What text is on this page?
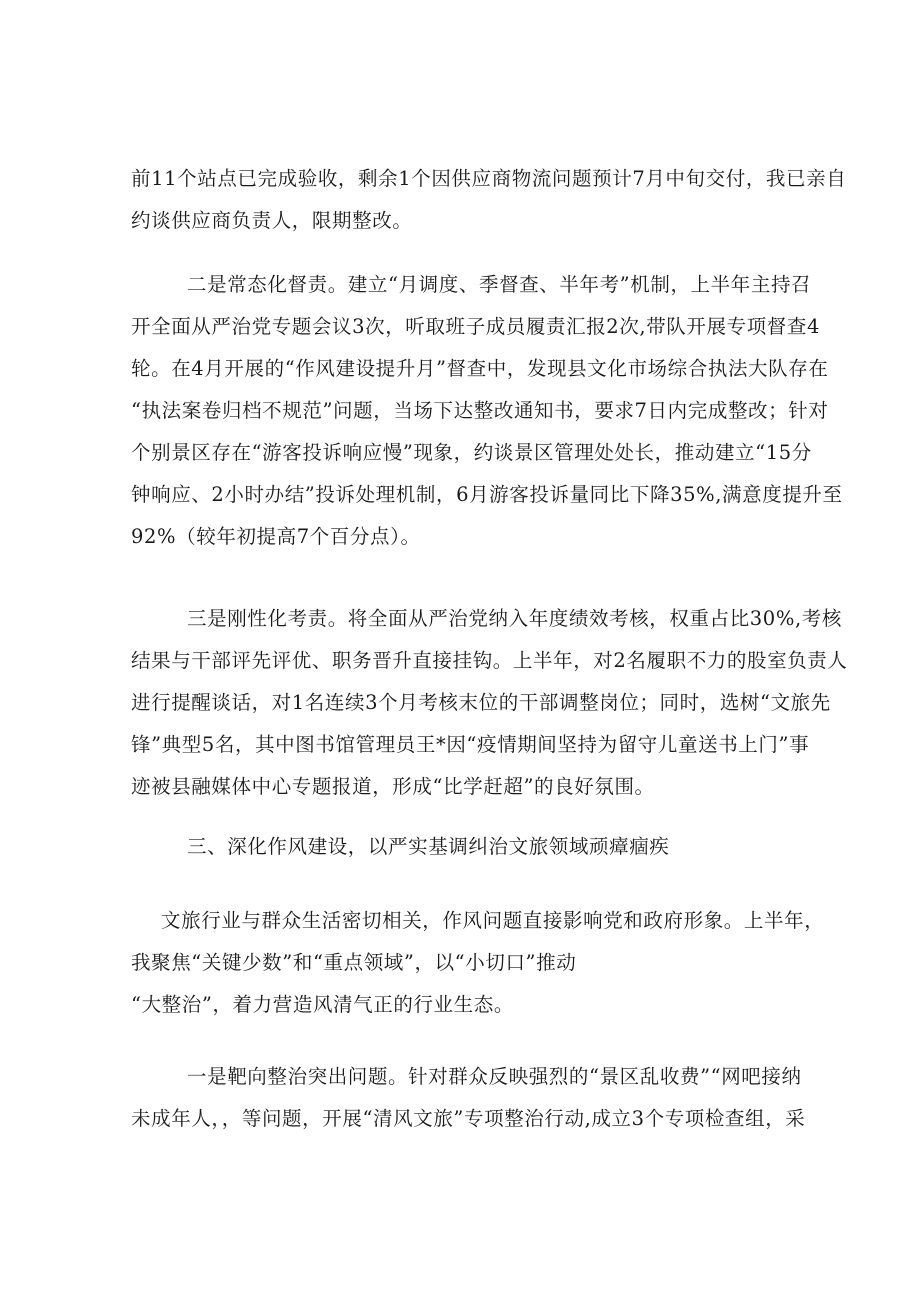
前11个站点已完成验收，剩余1个因供应商物流问题预计7月中旬交付，我已亲自
约谈供应商负责人，限期整改。
二是常态化督责。建立“月调度、季督查、半年考”机制，上半年主持召
开全面从严治党专题会议3次，听取班子成员履责汇报2次,带队开展专项督查4
轮。在4月开展的“作风建设提升月”督查中，发现县文化市场综合执法大队存在
“执法案卷归档不规范”问题，当场下达整改通知书，要求7日内完成整改；针对
个别景区存在“游客投诉响应慢”现象，约谈景区管理处处长，推动建立“15分
钟响应、2小时办结”投诉处理机制，6月游客投诉量同比下降35%,满意度提升至
92%（较年初提高7个百分点）。
三是刚性化考责。将全面从严治党纳入年度绩效考核，权重占比30%,考核
结果与干部评先评优、职务晋升直接挂钩。上半年，对2名履职不力的股室负责人
进行提醒谈话，对1名连续3个月考核末位的干部调整岗位；同时，选树“文旅先
锋”典型5名，其中图书馆管理员王*因“疫情期间坚持为留守儿童送书上门”事
迹被县融媒体中心专题报道，形成“比学赶超”的良好氛围。
三、深化作风建设，以严实基调纠治文旅领域顽瘴痼疾
文旅行业与群众生活密切相关，作风问题直接影响党和政府形象。上半年，
我聚焦“关键少数”和“重点领域”，以“小切口”推动
“大整治”，着力营造风清气正的行业生态。
一是靶向整治突出问题。针对群众反映强烈的“景区乱收费”“网吧接纳
未成年人，，等问题，开展“清风文旅”专项整治行动,成立3个专项检查组，采
